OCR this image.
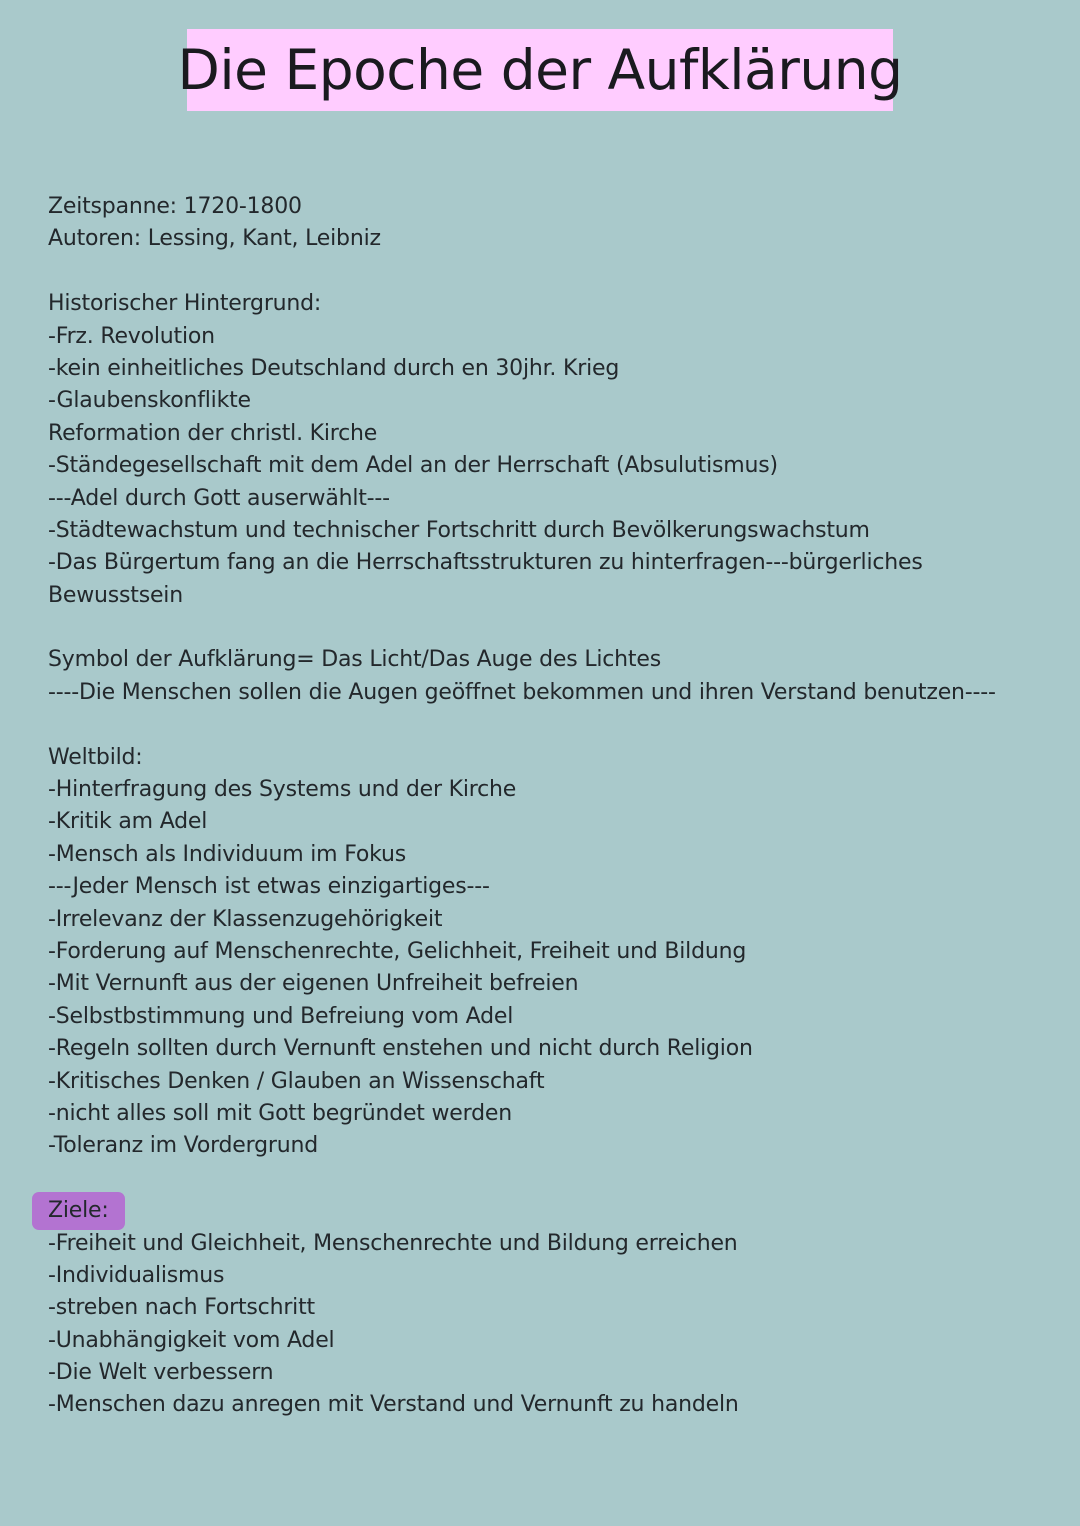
Die Epoche der Aufklärung
Zeitspanne: 1720-1800
Autoren: Lessing, Kant, Leibniz
Historischer Hintergrund:
-Frz. Revolution
-kein einheitliches Deutschland durch en 30jhr. Krieg
-Glaubenskonflikte
Reformation der christl. Kirche
-Ständegesellschaft mit dem Adel an der Herrschaft (Absulutismus)
---Adel durch Gott auserwählt---
-Städtewachstum und technischer Fortschritt durch Bevölkerungswachstum
-Das Bürgertum fang an die Herrschaftsstrukturen zu hinterfragen---bürgerliches
Bewusstsein
Symbol der Aufklärung= Das Licht/Das Auge des Lichtes
----Die Menschen sollen die Augen geöffnet bekommen und ihren Verstand benutzen----
Weltbild:
-Hinterfragung des Systems und der Kirche
-Kritik am Adel
-Mensch als Individuum im Fokus
---Jeder Mensch ist etwas einzigartiges---
-Irrelevanz der Klassenzugehörigkeit
-Forderung auf Menschenrechte, Gelichheit, Freiheit und Bildung
-Mit Vernunft aus der eigenen Unfreiheit befreien
-Selbstbstimmung und Befreiung vom Adel
-Regeln sollten durch Vernunft enstehen und nicht durch Religion
-Kritisches Denken / Glauben an Wissenschaft
-nicht alles soll mit Gott begründet werden
-Toleranz im Vordergrund
Ziele:
-Freiheit und Gleichheit, Menschenrechte und Bildung erreichen
-Individualismus
-streben nach Fortschritt
-Unabhängigkeit vom Adel
-Die Welt verbessern
-Menschen dazu anregen mit Verstand und Vernunft zu handeln
